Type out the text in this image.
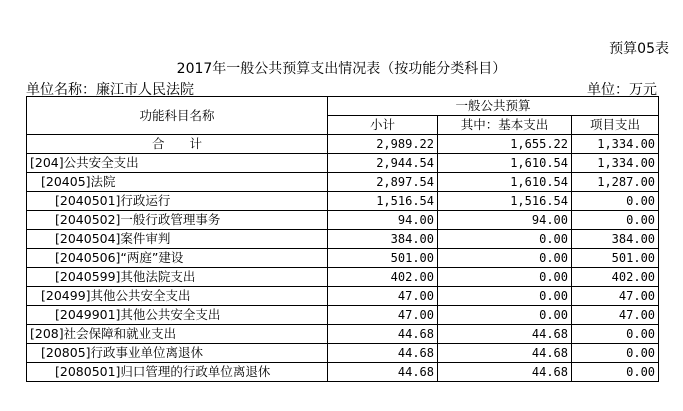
预算05表
2017年一般公共预算支出情况表（按功能分类科目）
单位名称：廉江市人民法院	单位：万元
功能科目名称	一般公共预算		
	小计	其中：基本支出	项目支出
合　　计	2,989.22	1,655.22	1,334.00
[204]公共安全支出	2,944.54	1,610.54	1,334.00
[20405]法院	2,897.54	1,610.54	1,287.00
[2040501]行政运行	1,516.54	1,516.54	0.00
[2040502]一般行政管理事务	94.00	94.00	0.00
[2040504]案件审判	384.00	0.00	384.00
[2040506]“两庭”建设	501.00	0.00	501.00
[2040599]其他法院支出	402.00	0.00	402.00
[20499]其他公共安全支出	47.00	0.00	47.00
[2049901]其他公共安全支出	47.00	0.00	47.00
[208]社会保障和就业支出	44.68	44.68	0.00
[20805]行政事业单位离退休	44.68	44.68	0.00
[2080501]归口管理的行政单位离退休	44.68	44.68	0.00
